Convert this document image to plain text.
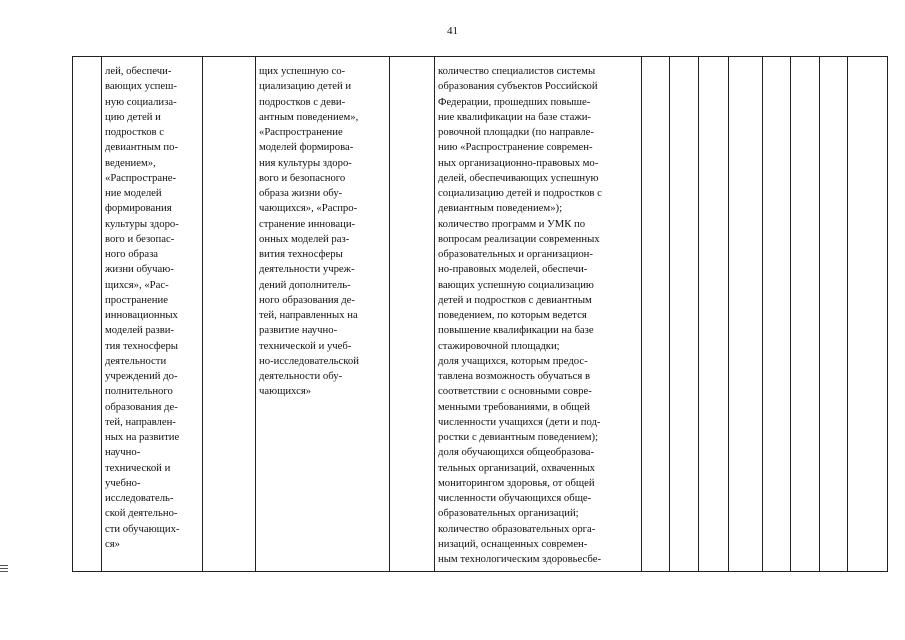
41
лей, обеспечи-
вающих успеш-
ную социализа-
цию детей и
подростков с
девиантным по-
ведением»,
«Распростране-
ние моделей
формирования
культуры здоро-
вого и безопас-
ного образа
жизни обучаю-
щихся», «Рас-
пространение
инновационных
моделей разви-
тия техносферы
деятельности
учреждений до-
полнительного
образования де-
тей, направлен-
ных на развитие
научно-
технической и
учебно-
исследователь-
ской деятельно-
сти обучающих-
ся»
щих успешную со-
циализацию детей и
подростков с деви-
антным поведением»,
«Распространение
моделей формирова-
ния культуры здоро-
вого и безопасного
образа жизни обу-
чающихся», «Распро-
странение инноваци-
онных моделей раз-
вития техносферы
деятельности учреж-
дений дополнитель-
ного образования де-
тей, направленных на
развитие научно-
технической и учеб-
но-исследовательской
деятельности обу-
чающихся»
количество специалистов системы
образования субъектов Российской
Федерации, прошедших повыше-
ние квалификации на базе стажи-
ровочной площадки (по направле-
нию «Распространение современ-
ных организационно-правовых мо-
делей, обеспечивающих успешную
социализацию детей и подростков с
девиантным поведением»);
количество программ и УМК по
вопросам реализации современных
образовательных и организацион-
но-правовых моделей, обеспечи-
вающих успешную социализацию
детей и подростков с девиантным
поведением, по которым ведется
повышение квалификации на базе
стажировочной площадки;
доля учащихся, которым предос-
тавлена возможность обучаться в
соответствии с основными совре-
менными требованиями, в общей
численности учащихся (дети и под-
ростки с девиантным поведением);
доля обучающихся общеобразова-
тельных организаций, охваченных
мониторингом здоровья, от общей
численности обучающихся обще-
образовательных организаций;
количество образовательных орга-
низаций, оснащенных современ-
ным технологическим здоровьесбе-
